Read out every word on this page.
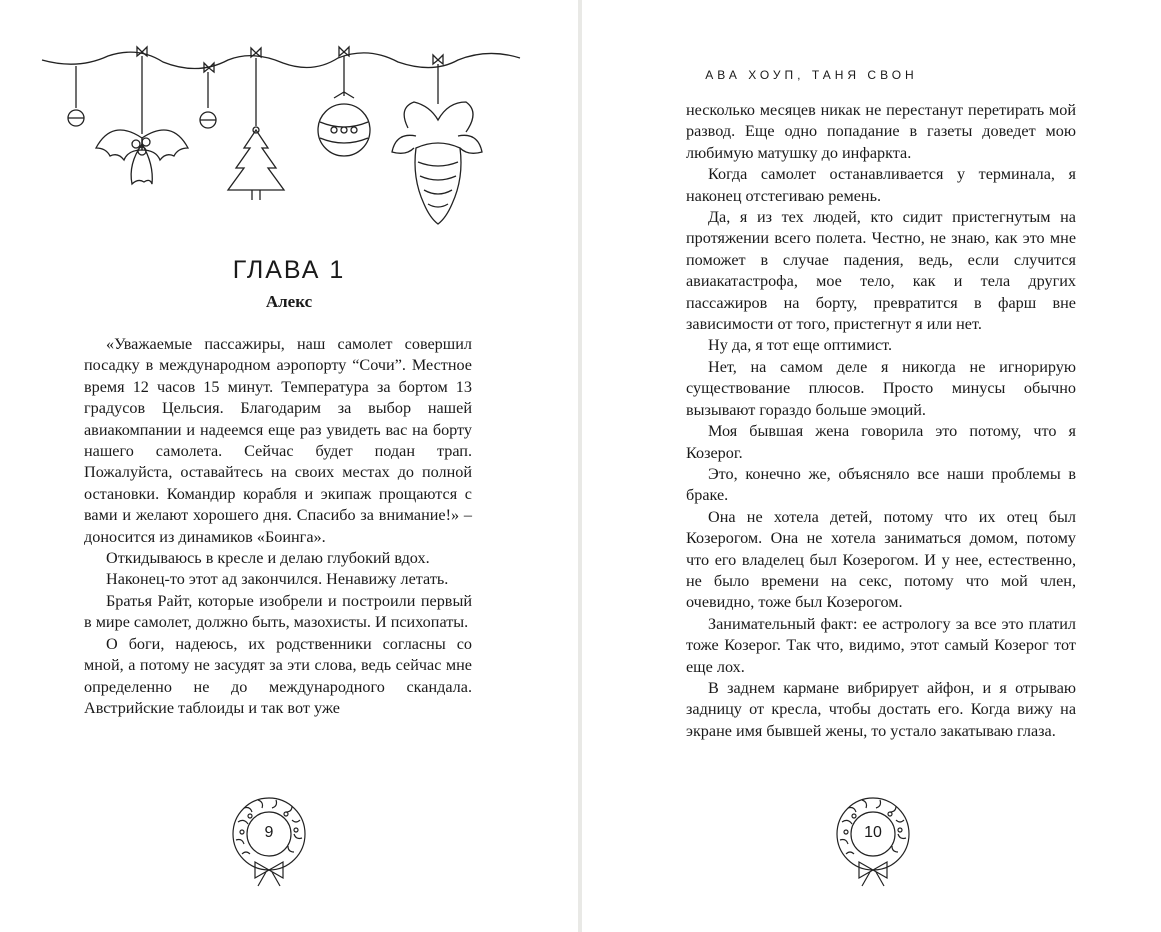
ГЛАВА 1
Алекс

«Уважаемые пассажиры, наш самолет совершил посадку в международном аэропорту “Сочи”. Местное время 12 часов 15 минут. Температура за бортом 13 градусов Цельсия. Благодарим за выбор нашей авиакомпании и надеемся еще раз увидеть вас на борту нашего самолета. Сейчас будет подан трап. Пожалуйста, оставайтесь на своих местах до полной остановки. Командир корабля и экипаж прощаются с вами и желают хорошего дня. Спасибо за внимание!» – доносится из динамиков «Боинга».

Откидываюсь в кресле и делаю глубокий вдох.

Наконец-то этот ад закончился. Ненавижу летать.

Братья Райт, которые изобрели и построили первый в мире самолет, должно быть, мазохисты. И психопаты.

О боги, надеюсь, их родственники согласны со мной, а потому не засудят за эти слова, ведь сейчас мне определенно не до международного скандала. Австрийские таблоиды и так вот уже

9
АВА ХОУП, ТАНЯ СВОН

несколько месяцев никак не перестанут перетирать мой развод. Еще одно попадание в газеты доведет мою любимую матушку до инфаркта.

Когда самолет останавливается у терминала, я наконец отстегиваю ремень.

Да, я из тех людей, кто сидит пристегнутым на протяжении всего полета. Честно, не знаю, как это мне поможет в случае падения, ведь, если случится авиакатастрофа, мое тело, как и тела других пассажиров на борту, превратится в фарш вне зависимости от того, пристегнут я или нет.

Ну да, я тот еще оптимист.

Нет, на самом деле я никогда не игнорирую существование плюсов. Просто минусы обычно вызывают гораздо больше эмоций.

Моя бывшая жена говорила это потому, что я Козерог.

Это, конечно же, объясняло все наши проблемы в браке.

Она не хотела детей, потому что их отец был Козерогом. Она не хотела заниматься домом, потому что его владелец был Козерогом. И у нее, естественно, не было времени на секс, потому что мой член, очевидно, тоже был Козерогом.

Занимательный факт: ее астрологу за все это платил тоже Козерог. Так что, видимо, этот самый Козерог тот еще лох.

В заднем кармане вибрирует айфон, и я отрываю задницу от кресла, чтобы достать его. Когда вижу на экране имя бывшей жены, то устало закатываю глаза.

10
